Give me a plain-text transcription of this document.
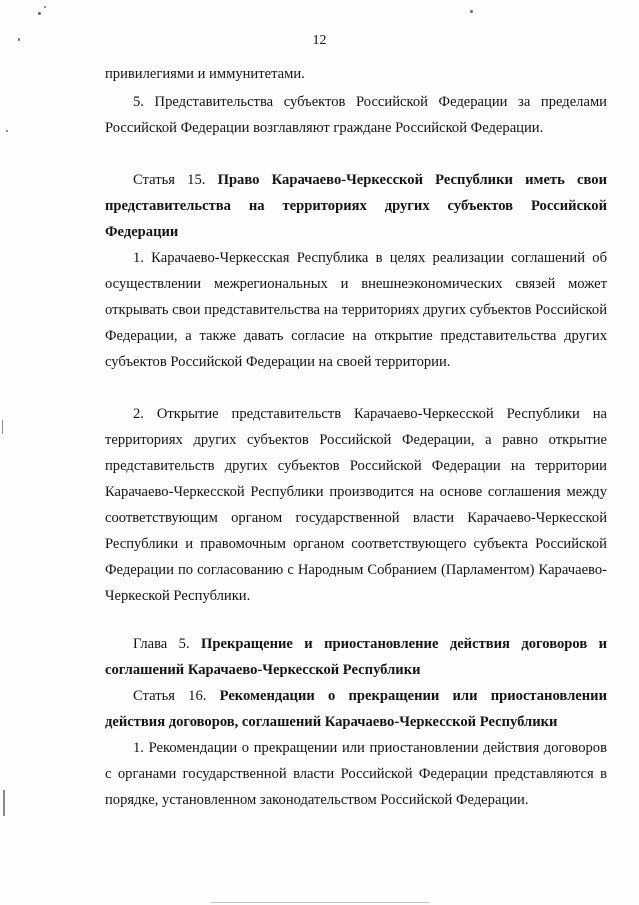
12

привилегиями и иммунитетами.

5. Представительства субъектов Российской Федерации за пределами Российской Федерации возглавляют граждане Российской Федерации.

Статья 15. Право Карачаево-Черкесской Республики иметь свои представительства на территориях других субъектов Российской Федерации

1. Карачаево-Черкесская Республика в целях реализации соглашений об осуществлении межрегиональных и внешнеэкономических связей может открывать свои представительства на территориях других субъектов Российской Федерации, а также давать согласие на открытие представительства других субъектов Российской Федерации на своей территории.

2. Открытие представительств Карачаево-Черкесской Республики на территориях других субъектов Российской Федерации, а равно открытие представительств других субъектов Российской Федерации на территории Карачаево-Черкесской Республики производится на основе соглашения между соответствующим органом государственной власти Карачаево-Черкесской Республики и правомочным органом соответствующего субъекта Российской Федерации по согласованию с Народным Собранием (Парламентом) Карачаево-Черкеской Республики.

Глава 5. Прекращение и приостановление действия договоров и соглашений Карачаево-Черкесской Республики

Статья 16. Рекомендации о прекращении или приостановлении действия договоров, соглашений Карачаево-Черкесской Республики

1. Рекомендации о прекращении или приостановлении действия договоров с органами государственной власти Российской Федерации представляются в порядке, установленном законодательством Российской Федерации.
